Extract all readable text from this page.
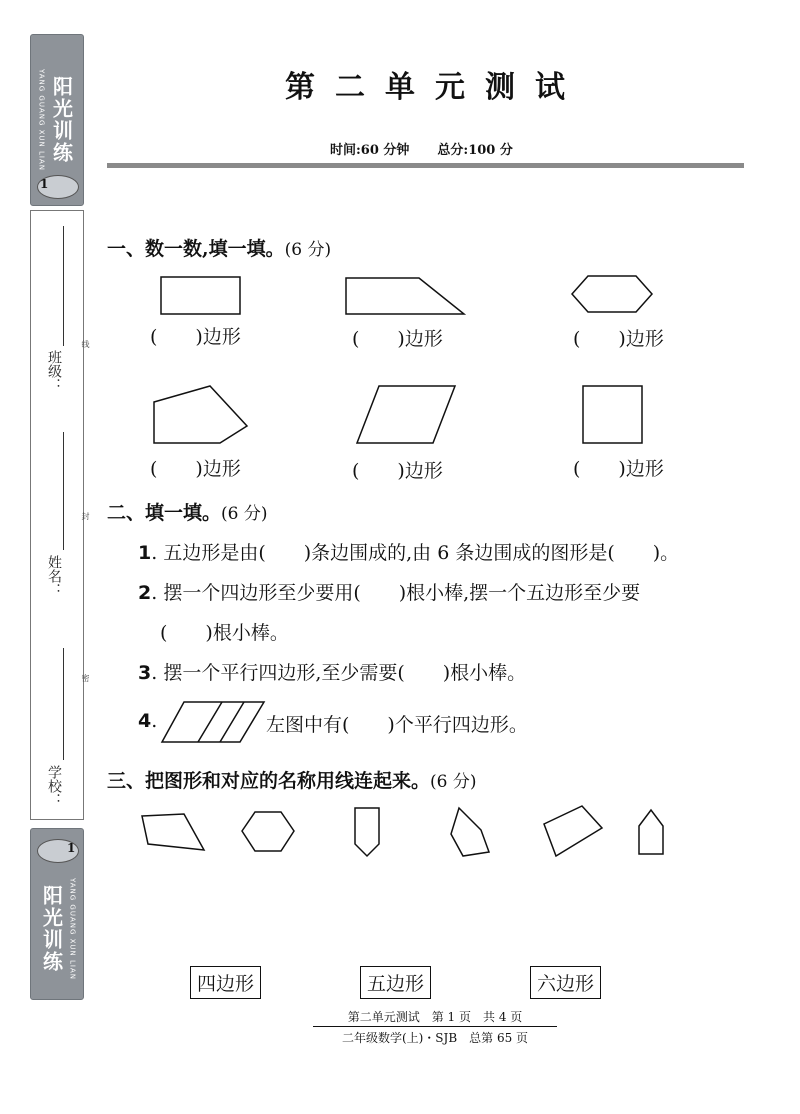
YANG GUANG XUN LIAN 阳光训练
1
班级：
线
姓名：
封
学校：
密
1
阳光训练 YANG GUANG XUN LIAN
第二单元测试
时间:60 分钟 总分:100 分
一、数一数,填一填。(6 分)
(　　)边形	(　　)边形	(　　)边形
(　　)边形	(　　)边形	(　　)边形
二、填一填。(6 分)
1. 五边形是由(　　)条边围成的,由 6 条边围成的图形是(　　)。
2. 摆一个四边形至少要用(　　)根小棒,摆一个五边形至少要
(　　)根小棒。
3. 摆一个平行四边形,至少需要(　　)根小棒。
4.	左图中有(　　)个平行四边形。
三、把图形和对应的名称用线连起来。(6 分)
四边形	五边形	六边形
第二单元测试　第 1 页　共 4 页
二年级数学(上)・SJB　总第 65 页
